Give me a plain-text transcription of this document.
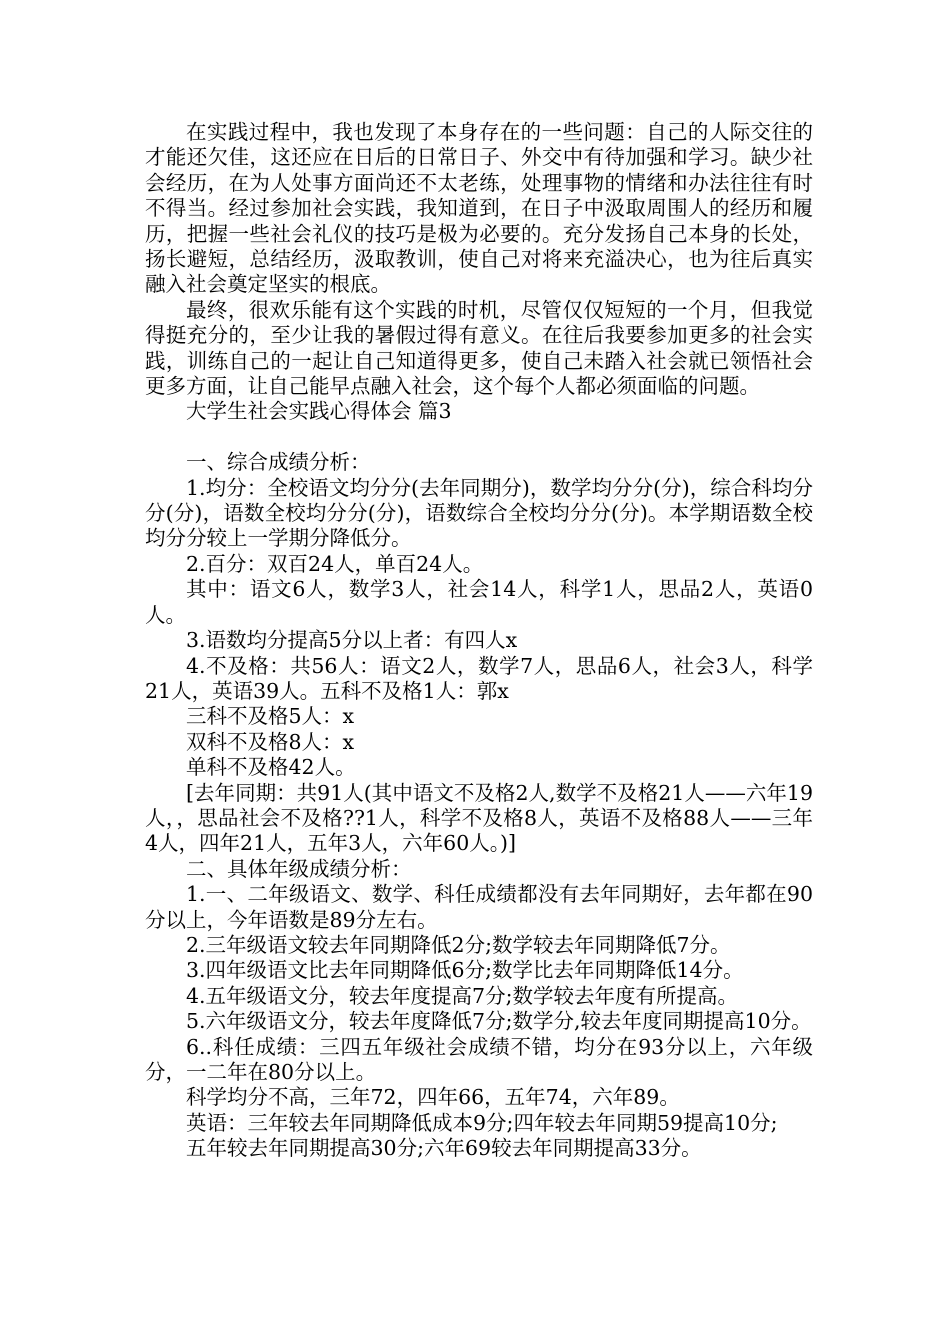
在实践过程中，我也发现了本身存在的一些问题：自己的人际交往的才能还欠佳，这还应在日后的日常日子、外交中有待加强和学习。缺少社会经历，在为人处事方面尚还不太老练，处理事物的情绪和办法往往有时不得当。经过参加社会实践，我知道到，在日子中汲取周围人的经历和履历，把握一些社会礼仪的技巧是极为必要的。充分发扬自己本身的长处，扬长避短，总结经历，汲取教训，使自己对将来充溢决心，也为往后真实融入社会奠定坚实的根底。

最终，很欢乐能有这个实践的时机，尽管仅仅短短的一个月，但我觉得挺充分的，至少让我的暑假过得有意义。在往后我要参加更多的社会实践，训练自己的一起让自己知道得更多，使自己未踏入社会就已领悟社会更多方面，让自己能早点融入社会，这个每个人都必须面临的问题。

大学生社会实践心得体会 篇3

一、综合成绩分析：

1.均分：全校语文均分分(去年同期分)，数学均分分(分)，综合科均分分(分)，语数全校均分分(分)，语数综合全校均分分(分)。本学期语数全校均分分较上一学期分降低分。

2.百分：双百24人，单百24人。

其中：语文6人，数学3人，社会14人，科学1人，思品2人，英语0人。

3.语数均分提高5分以上者：有四人x

4.不及格：共56人：语文2人，数学7人，思品6人，社会3人，科学21人，英语39人。五科不及格1人：郭x

三科不及格5人：x

双科不及格8人：x

单科不及格42人。

[去年同期：共91人(其中语文不及格2人,数学不及格21人——六年19人，，思品社会不及格??1人，科学不及格8人，英语不及格88人——三年4人，四年21人，五年3人，六年60人。)]

二、具体年级成绩分析：

1.一、二年级语文、数学、科任成绩都没有去年同期好，去年都在90分以上，今年语数是89分左右。

2.三年级语文较去年同期降低2分;数学较去年同期降低7分。

3.四年级语文比去年同期降低6分;数学比去年同期降低14分。

4.五年级语文分，较去年度提高7分;数学较去年度有所提高。

5.六年级语文分，较去年度降低7分;数学分,较去年度同期提高10分。

6..科任成绩：三四五年级社会成绩不错，均分在93分以上，六年级分，一二年在80分以上。

科学均分不高，三年72，四年66，五年74，六年89。

英语：三年较去年同期降低成本9分;四年较去年同期59提高10分;

五年较去年同期提高30分;六年69较去年同期提高33分。
